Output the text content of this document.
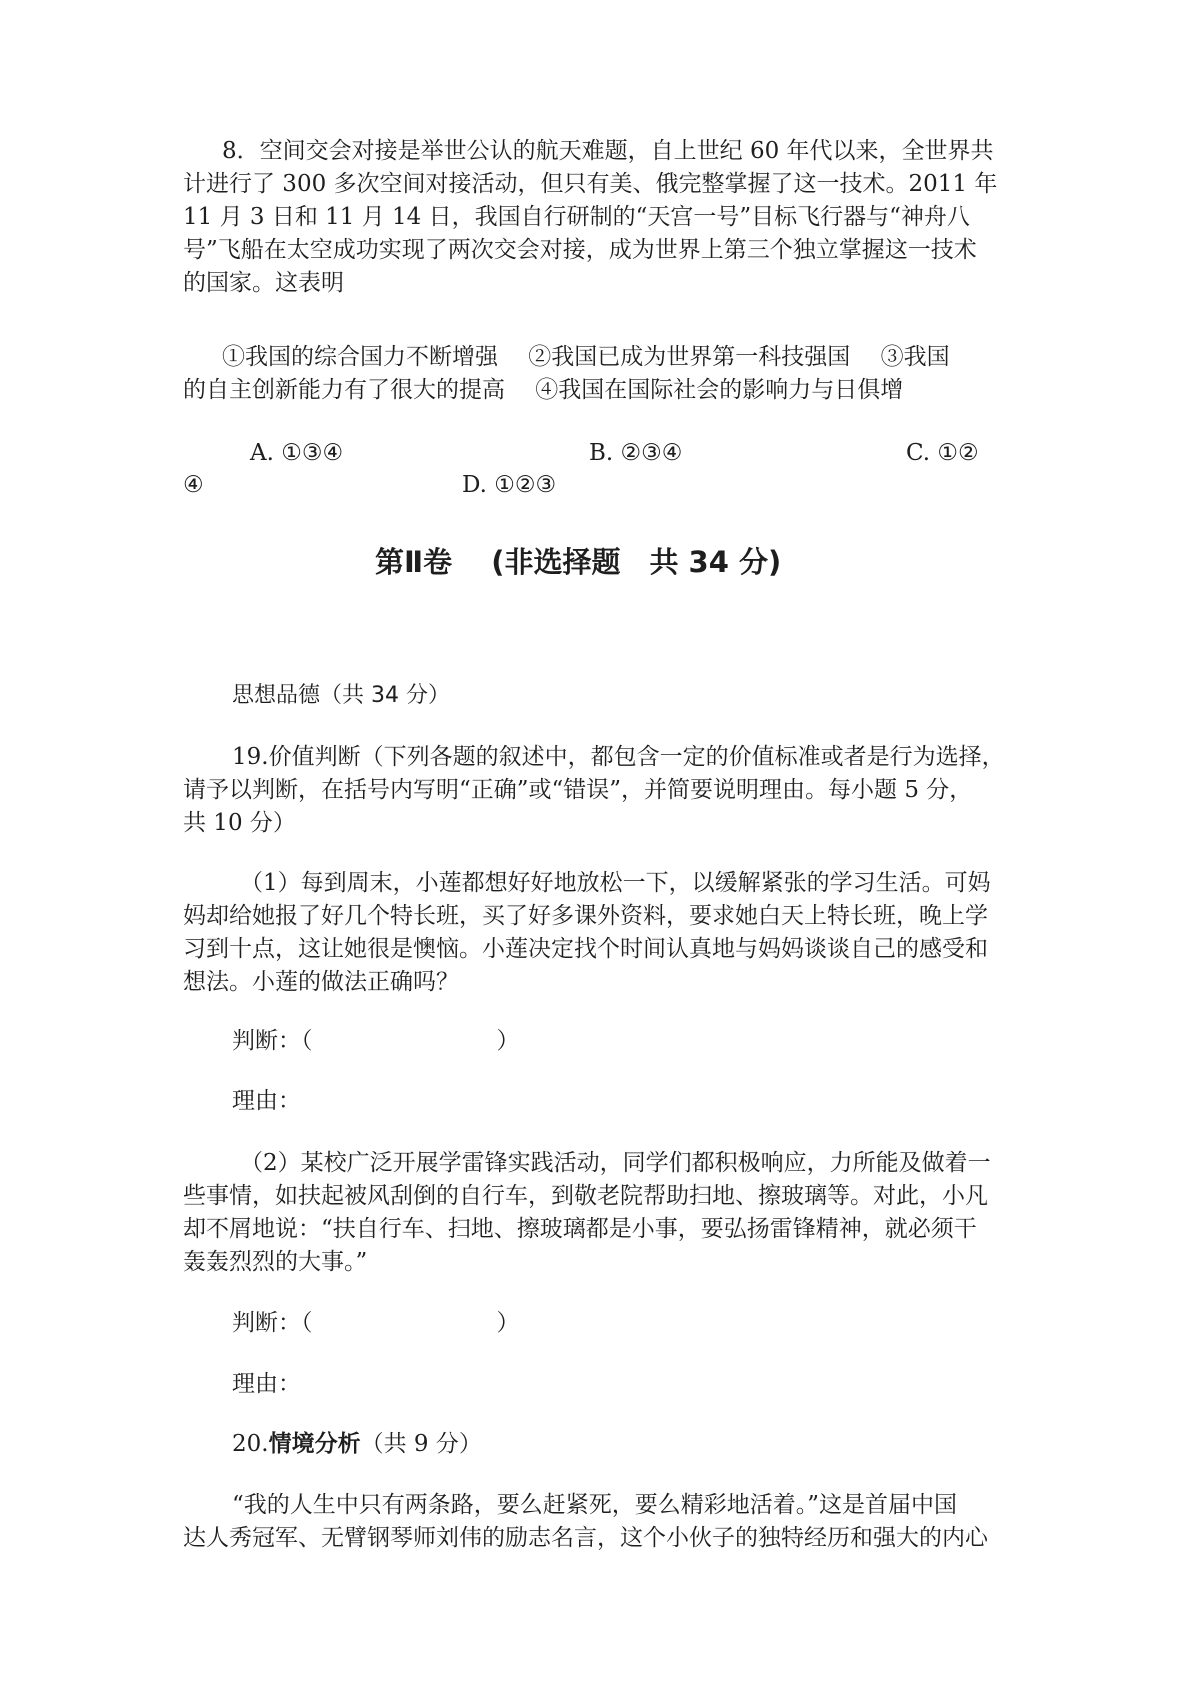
8．空间交会对接是举世公认的航天难题，自上世纪 60 年代以来，全世界共
计进行了 300 多次空间对接活动，但只有美、俄完整掌握了这一技术。2011 年
11 月 3 日和 11 月 14 日，我国自行研制的“天宫一号”目标飞行器与“神舟八
号”飞船在太空成功实现了两次交会对接，成为世界上第三个独立掌握这一技术
的国家。这表明
①我国的综合国力不断增强　 ②我国已成为世界第一科技强国　 ③我国
的自主创新能力有了很大的提高　 ④我国在国际社会的影响力与日俱增
A. ①③④	B. ②③④	C. ①②
④	D. ①②③
第Ⅱ卷　 (非选择题　共 34 分)
思想品德（共 34 分）
19.价值判断（下列各题的叙述中，都包含一定的价值标准或者是行为选择，
请予以判断，在括号内写明“正确”或“错误”，并简要说明理由。每小题 5 分，
共 10 分）
（1）每到周末，小莲都想好好地放松一下，以缓解紧张的学习生活。可妈
妈却给她报了好几个特长班，买了好多课外资料，要求她白天上特长班，晚上学
习到十点，这让她很是懊恼。小莲决定找个时间认真地与妈妈谈谈自己的感受和
想法。小莲的做法正确吗？
判断：（　　　　　　　　）
理由：
（2）某校广泛开展学雷锋实践活动，同学们都积极响应，力所能及做着一
些事情，如扶起被风刮倒的自行车，到敬老院帮助扫地、擦玻璃等。对此，小凡
却不屑地说：“扶自行车、扫地、擦玻璃都是小事，要弘扬雷锋精神，就必须干
轰轰烈烈的大事。”
判断：（　　　　　　　　）
理由：
20.情境分析（共 9 分）
“我的人生中只有两条路，要么赶紧死，要么精彩地活着。”这是首届中国
达人秀冠军、无臂钢琴师刘伟的励志名言，这个小伙子的独特经历和强大的内心
